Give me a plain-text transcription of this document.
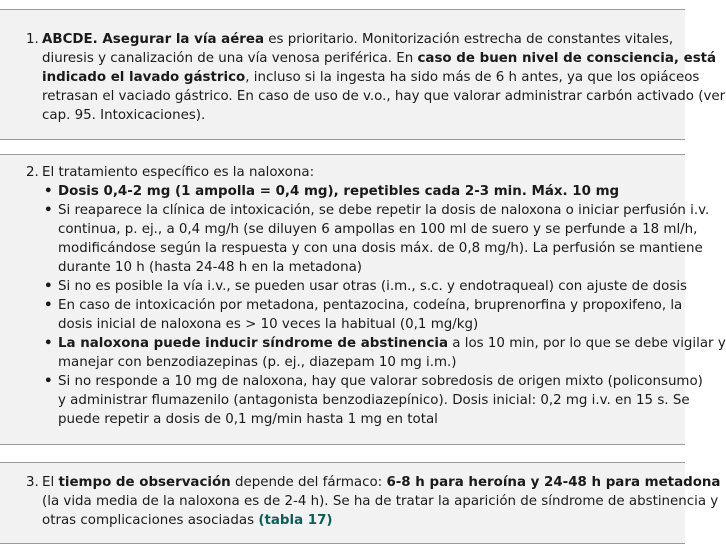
1. ABCDE. Asegurar la vía aérea es prioritario. Monitorización estrecha de constantes vitales,
diuresis y canalización de una vía venosa periférica. En caso de buen nivel de consciencia, está
indicado el lavado gástrico, incluso si la ingesta ha sido más de 6 h antes, ya que los opiáceos
retrasan el vaciado gástrico. En caso de uso de v.o., hay que valorar administrar carbón activado (ver
cap. 95. Intoxicaciones).
2. El tratamiento específico es la naloxona:
• Dosis 0,4-2 mg (1 ampolla = 0,4 mg), repetibles cada 2-3 min. Máx. 10 mg
• Si reaparece la clínica de intoxicación, se debe repetir la dosis de naloxona o iniciar perfusión i.v.
continua, p. ej., a 0,4 mg/h (se diluyen 6 ampollas en 100 ml de suero y se perfunde a 18 ml/h,
modificándose según la respuesta y con una dosis máx. de 0,8 mg/h). La perfusión se mantiene
durante 10 h (hasta 24-48 h en la metadona)
• Si no es posible la vía i.v., se pueden usar otras (i.m., s.c. y endotraqueal) con ajuste de dosis
• En caso de intoxicación por metadona, pentazocina, codeína, bruprenorfina y propoxifeno, la
dosis inicial de naloxona es > 10 veces la habitual (0,1 mg/kg)
• La naloxona puede inducir síndrome de abstinencia a los 10 min, por lo que se debe vigilar y
manejar con benzodiazepinas (p. ej., diazepam 10 mg i.m.)
• Si no responde a 10 mg de naloxona, hay que valorar sobredosis de origen mixto (policonsumo)
y administrar flumazenilo (antagonista benzodiazepínico). Dosis inicial: 0,2 mg i.v. en 15 s. Se
puede repetir a dosis de 0,1 mg/min hasta 1 mg en total
3. El tiempo de observación depende del fármaco: 6-8 h para heroína y 24-48 h para metadona
(la vida media de la naloxona es de 2-4 h). Se ha de tratar la aparición de síndrome de abstinencia y
otras complicaciones asociadas (tabla 17)
